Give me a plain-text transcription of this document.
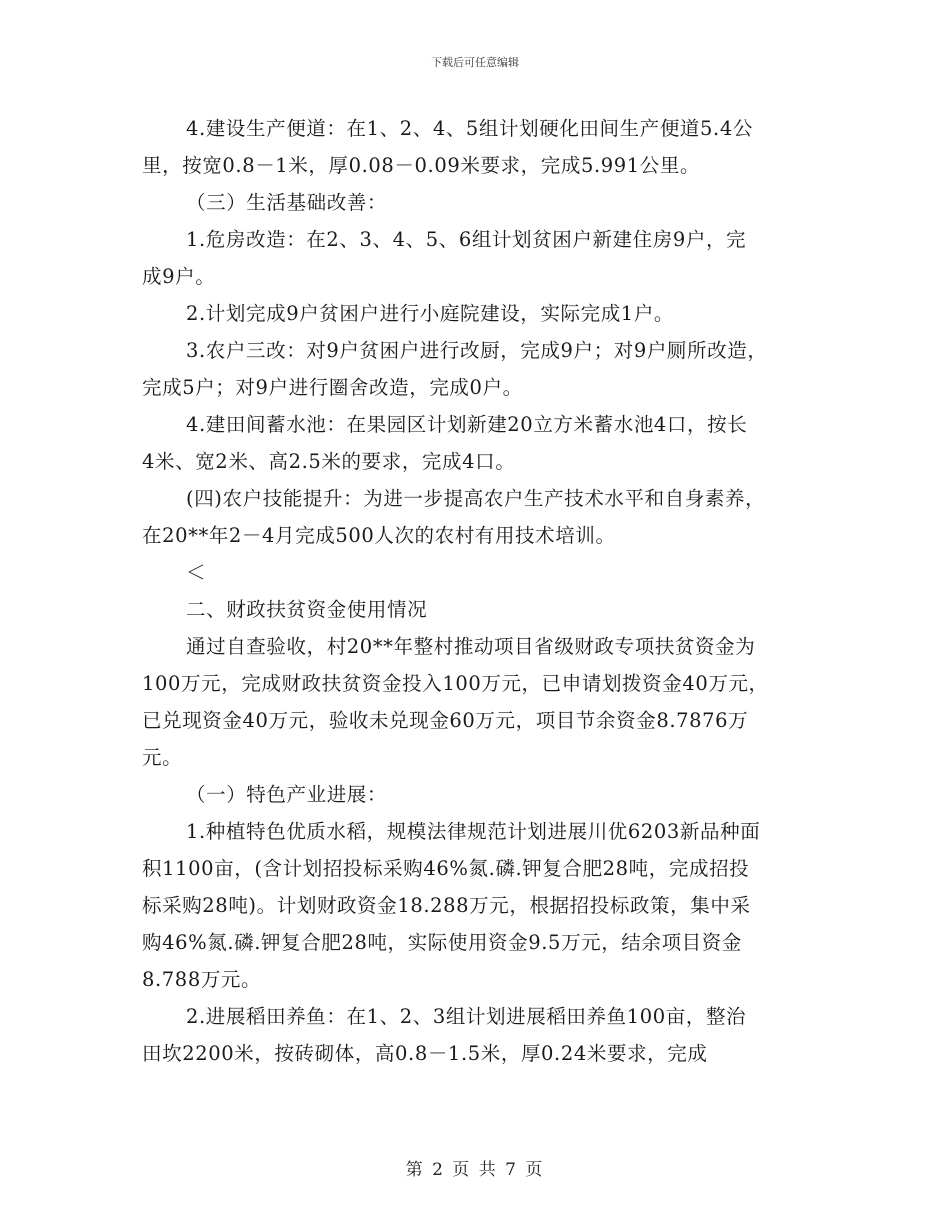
下载后可任意编辑
4.建设生产便道：在1、2、4、5组计划硬化田间生产便道5.4公
里，按宽0.8－1米，厚0.08－0.09米要求，完成5.991公里。
（三）生活基础改善：
1.危房改造：在2、3、4、5、6组计划贫困户新建住房9户，完
成9户。
2.计划完成9户贫困户进行小庭院建设，实际完成1户。
3.农户三改：对9户贫困户进行改厨，完成9户；对9户厕所改造，
完成5户；对9户进行圈舍改造，完成0户。
4.建田间蓄水池：在果园区计划新建20立方米蓄水池4口，按长
4米、宽2米、高2.5米的要求，完成4口。
(四)农户技能提升：为进一步提高农户生产技术水平和自身素养，
在20**年2－4月完成500人次的农村有用技术培训。
＜
二、财政扶贫资金使用情况
通过自查验收，村20**年整村推动项目省级财政专项扶贫资金为
100万元，完成财政扶贫资金投入100万元，已申请划拨资金40万元，
已兑现资金40万元，验收未兑现金60万元，项目节余资金8.7876万
元。
（一）特色产业进展：
1.种植特色优质水稻，规模法律规范计划进展川优6203新品种面
积1100亩，(含计划招投标采购46%氮.磷.钾复合肥28吨，完成招投
标采购28吨)。计划财政资金18.288万元，根据招投标政策，集中采
购46%氮.磷.钾复合肥28吨，实际使用资金9.5万元，结余项目资金
8.788万元。
2.进展稻田养鱼：在1、2、3组计划进展稻田养鱼100亩，整治
田坎2200米，按砖砌体，高0.8－1.5米，厚0.24米要求，完成
第 2 页 共 7 页
